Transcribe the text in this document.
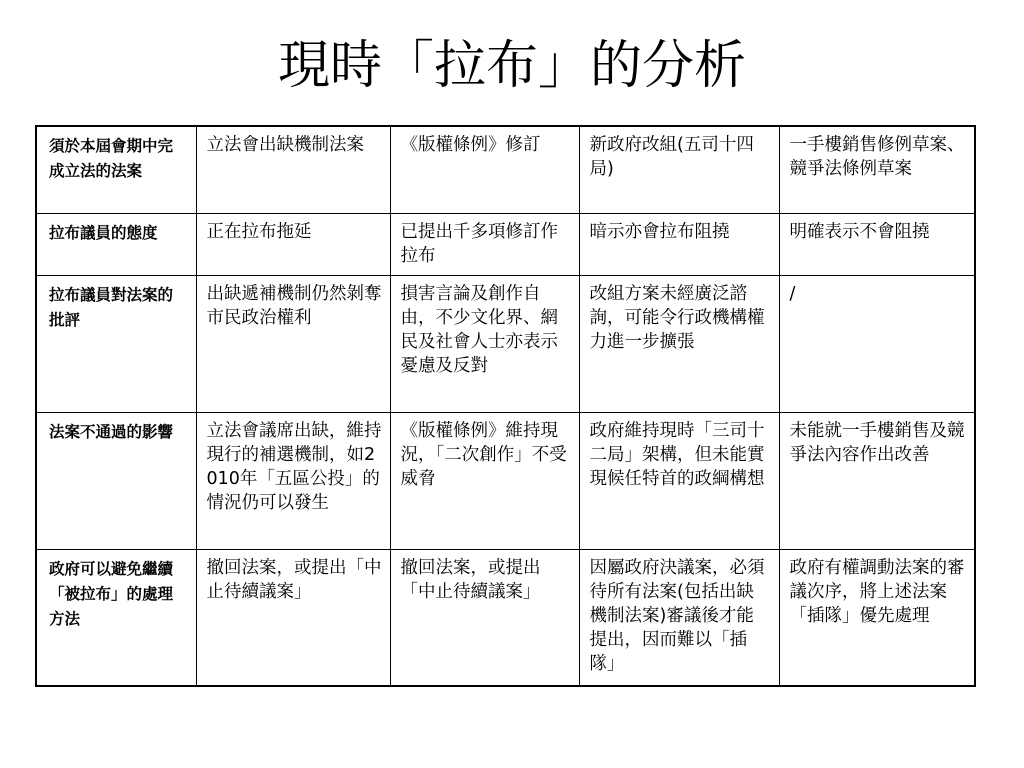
現時「拉布」的分析
須於本屆會期中完成立法的法案	立法會出缺機制法案	《版權條例》修訂	新政府改組(五司十四局)	一手樓銷售修例草案、競爭法條例草案
拉布議員的態度	正在拉布拖延	已提出千多項修訂作拉布	暗示亦會拉布阻撓	明確表示不會阻撓
拉布議員對法案的批評	出缺遞補機制仍然剝奪市民政治權利	損害言論及創作自由，不少文化界、網民及社會人士亦表示憂慮及反對	改組方案未經廣泛諮詢，可能令行政機構權力進一步擴張	/
法案不通過的影響	立法會議席出缺，維持現行的補選機制，如2010年「五區公投」的情況仍可以發生	《版權條例》維持現況，「二次創作」不受威脅	政府維持現時「三司十二局」架構，但未能實現候任特首的政綱構想	未能就一手樓銷售及競爭法內容作出改善
政府可以避免繼續「被拉布」的處理方法	撤回法案，或提出「中止待續議案」	撤回法案，或提出「中止待續議案」	因屬政府決議案，必須待所有法案(包括出缺機制法案)審議後才能提出，因而難以「插隊」	政府有權調動法案的審議次序，將上述法案「插隊」優先處理
